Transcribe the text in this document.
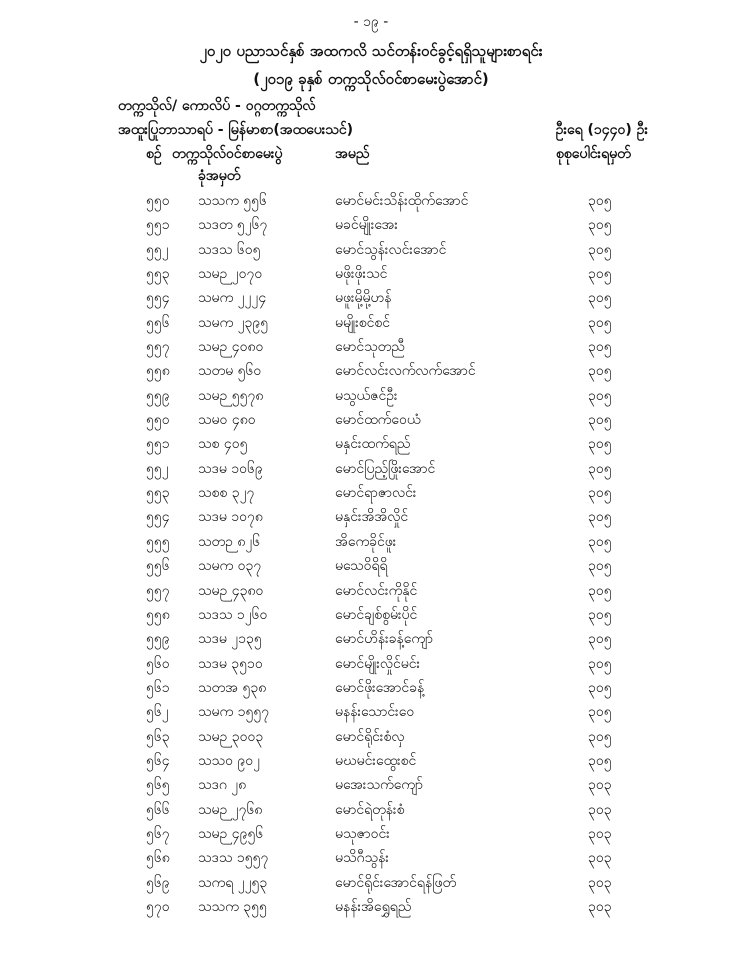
- ၁၉ -
၂၀၂၀ ပညာသင်နှစ် အထကလိ သင်တန်းဝင်ခွင့်ရရှိသူများစာရင်း
(၂၀၁၉ ခုနှစ် တက္ကသိုလ်ဝင်စာမေးပွဲအောင်)
တက္ကသိုလ်/ ကောလိပ် - ဝဂ္ဂတက္ကသိုလ်
အထူးပြုဘာသာရပ် - မြန်မာစာ(အထပေးသင်)	ဦးရေ (၁၄၄၀) ဦး
စဉ် တက္ကသိုလ်ဝင်စာမေးပွဲ
ခုံအမှတ်
အမည်	စုစုပေါင်းရမှတ်
၅၅၀ သသက ၅၅၆	မောင်မင်းသိန်းထိုက်အောင်	၃၀၅
၅၅၁ သဒတ ၅၂၆၇	မခင်မျိုးအေး	၃၀၅
၅၅၂ သဒသ ၆၀၅	မောင်သွန်းလင်းအောင်	၃၀၅
၅၅၃ သမဉ ၂၀၇၀	မဖိုးဖိုးသင်	၃၀၅
၅၅၄ သမက ၂၂၂၄	မဖူးမို့မို့ဟန်	၃၀၅
၅၅၆ သမက ၂၃၉၅	မမျိုးစင်စင်	၃၀၅
၅၅၇ သမဉ ၄၀၈၀	မောင်သုတညီ	၃၀၅
၅၅၈ သတမ ၅၆၀	မောင်လင်းလက်လက်အောင်	၃၀၅
၅၅၉ သမဉ ၅၅၇၈	မသွယ်ဇင်ဦး	၃၀၅
၅၅၀ သမဝ ၄၈၀	မောင်ထက်ဝေယံ	၃၀၅
၅၅၁ သစ ၄၀၅	မနှင်းထက်ရည်	၃၀၅
၅၅၂ သဒမ ၁၀၆၉	မောင်ပြည့်ဖြိုးအောင်	၃၀၅
၅၅၃ သစစ ၃၂၇	မောင်ရာဇာလင်း	၃၀၅
၅၅၄ သဒမ ၁၀၇၈	မနှင်းအိအိလှိုင်	၃၀၅
၅၅၅ သတဉ ၈၂၆	အိကေခိုင်ဖူး	၃၀၅
၅၅၆ သမက ၀၃၇	မသေဝိရိရိ	၃၀၅
၅၅၇ သမဉ ၄၃၈၀	မောင်လင်းကိုနိုင်	၃၀၅
၅၅၈ သဒသ ၁၂၆၀	မောင်ချစ်စွမ်းပိုင်	၃၀၅
၅၅၉ သဒမ ၂၁၃၅	မောင်ဟိန်းခန့်ကျော်	၃၀၅
၅၆၀ သဒမ ၃၅၁၀	မောင်မျိုးလှိုင်မင်း	၃၀၅
၅၆၁ သတအ ၅၃၈	မောင်ဖိုးအောင်ခန့်	၃၀၅
၅၆၂ သမက ၁၅၅၇	မနန်းသောင်းဝေ	၃၀၅
၅၆၃ သမဉ ၃၀၀၃	မောင်ရိုင်းစံလှ	၃၀၅
၅၆၄ သသဝ ၉၀၂	မဃမင်းထွေးစင်	၃၀၅
၅၆၅ သဒဂ ၂၈	မအေးသက်ကျော်	၃၀၃
၅၆၆ သမဉ ၂၇၆၈	မောင်ရဲတုန်းစံ	၃၀၃
၅၆၇ သမဉ ၄၉၅၆	မသုဇာဝင်း	၃၀၃
၅၆၈ သဒသ ၁၅၅၇	မသိဂီသွန်း	၃၀၃
၅၆၉ သကရ ၂၂၅၃	မောင်ရိုင်းအောင်ရန်ဖြတ်	၃၀၃
၅၇၀ သသက ၃၅၅	မနန်းအိရွှေရည်	၃၀၃
